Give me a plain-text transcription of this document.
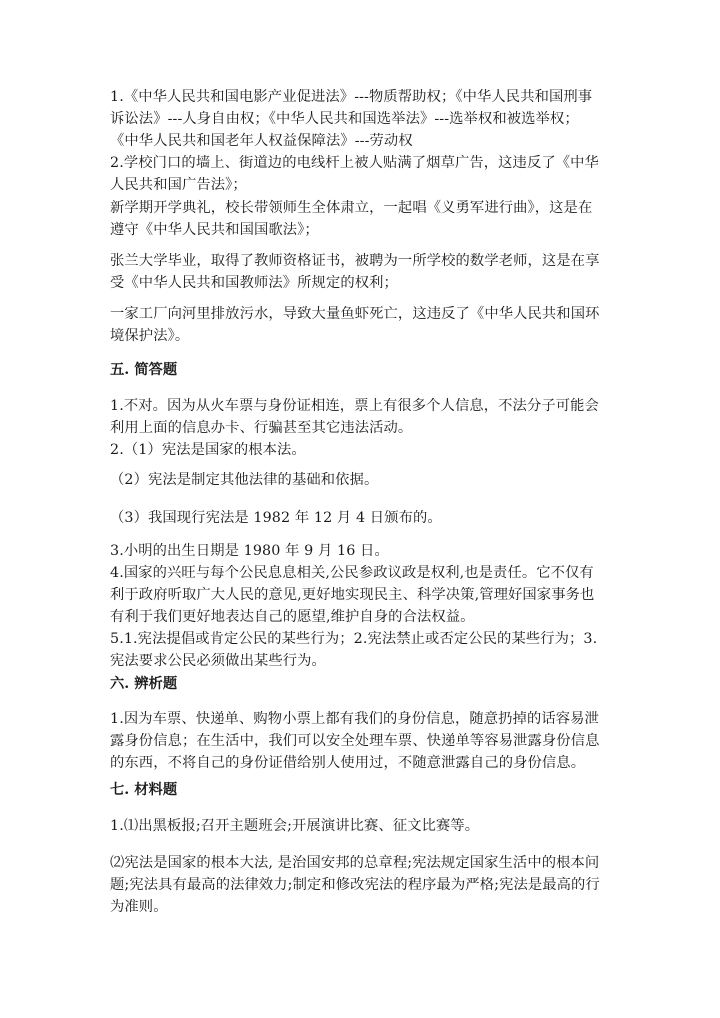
1.《中华人民共和国电影产业促进法》---物质帮助权；《中华人民共和国刑事
诉讼法》---人身自由权；《中华人民共和国选举法》---选举权和被选举权；
《中华人民共和国老年人权益保障法》---劳动权
2.学校门口的墙上、街道边的电线杆上被人贴满了烟草广告，这违反了《中华
人民共和国广告法》；
新学期开学典礼，校长带领师生全体肃立，一起唱《义勇军进行曲》，这是在
遵守《中华人民共和国国歌法》；
张兰大学毕业，取得了教师资格证书，被聘为一所学校的数学老师，这是在享
受《中华人民共和国教师法》所规定的权利；
一家工厂向河里排放污水，导致大量鱼虾死亡，这违反了《中华人民共和国环
境保护法》。
五. 简答题
1.不对。因为从火车票与身份证相连，票上有很多个人信息，不法分子可能会
利用上面的信息办卡、行骗甚至其它违法活动。
2.（1）宪法是国家的根本法。
（2）宪法是制定其他法律的基础和依据。
（3）我国现行宪法是 1982 年 12 月 4 日颁布的。
3.小明的出生日期是 1980 年 9 月 16 日。
4.国家的兴旺与每个公民息息相关,公民参政议政是权利,也是责任。它不仅有
利于政府听取广大人民的意见,更好地实现民主、科学决策,管理好国家事务也
有利于我们更好地表达自己的愿望,维护自身的合法权益。
5.1.宪法提倡或肯定公民的某些行为；2.宪法禁止或否定公民的某些行为；3.
宪法要求公民必须做出某些行为。
六. 辨析题
1.因为车票、快递单、购物小票上都有我们的身份信息，随意扔掉的话容易泄
露身份信息；在生活中，我们可以安全处理车票、快递单等容易泄露身份信息
的东西，不将自己的身份证借给别人使用过，不随意泄露自己的身份信息。
七. 材料题
1.⑴出黑板报;召开主题班会;开展演讲比赛、征文比赛等。
⑵宪法是国家的根本大法, 是治国安邦的总章程;宪法规定国家生活中的根本问
题;宪法具有最高的法律效力;制定和修改宪法的程序最为严格;宪法是最高的行
为准则。
